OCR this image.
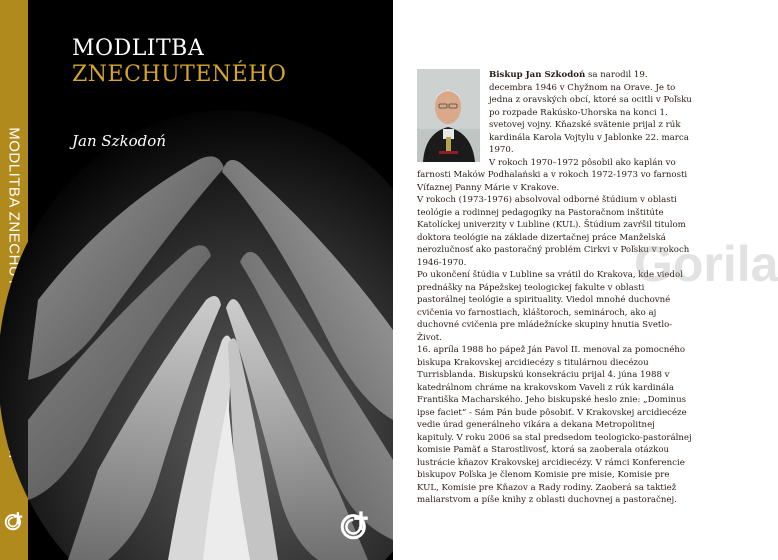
MODLITBA ZNECHUTENÉHO
MODLITBA
ZNECHUTENÉHO
Jan Szkodoń

Biskup Jan Szkodoń sa narodil 19. decembra 1946 v Chyžnom na Orave. Je to jedna z oravských obcí, ktoré sa ocitli v Poľsku po rozpade Rakúsko-Uhorska na konci 1. svetovej vojny. Kňazské svätenie prijal z rúk kardinála Karola Vojtylu v Jablonke 22. marca 1970.

V rokoch 1970–1972 pôsobil ako kaplán vo farnosti Maków Podhalański a v rokoch 1972-1973 vo farnosti Víťaznej Panny Márie v Krakove.

V rokoch (1973-1976) absolvoval odborné štúdium v oblasti teológie a rodinnej pedagogiky na Pastoračnom inštitúte Katolíckej univerzity v Lubline (KUL). Štúdium zavŕšil titulom doktora teológie na základe dizertačnej práce Manželská nerozlučnosť ako pastoračný problém Cirkvi v Poľsku v rokoch 1946-1970.

Po ukončení štúdia v Lubline sa vrátil do Krakova, kde viedol prednášky na Pápežskej teologickej fakulte v oblasti pastorálnej teológie a spirituality. Viedol mnohé duchovné cvičenia vo farnostiach, kláštoroch, seminároch, ako aj duchovné cvičenia pre mládežnícke skupiny hnutia Svetlo- Život.

16. apríla 1988 ho pápež Ján Pavol II. menoval za pomocného biskupa Krakovskej arcidiecézy s titulárnou diecézou Turrisblanda. Biskupskú konsekráciu prijal 4. júna 1988 v katedrálnom chráme na krakovskom Vaveli z rúk kardinála Františka Macharského. Jeho biskupské heslo znie: „Dominus ipse faciet“ - Sám Pán bude pôsobiť. V Krakovskej arcidiecéze vedie úrad generálneho vikára a dekana Metropolitnej kapituly. V roku 2006 sa stal predsedom teologicko-pastorálnej komisie Pamäť a Starostlivosť, ktorá sa zaoberala otázkou lustrácie kňazov Krakovskej arcidiecézy. V rámci Konferencie biskupov Poľska je členom Komisie pre misie, Komisie pre KUL, Komisie pre Kňazov a Rady rodiny. Zaoberá sa taktiež maliarstvom a píše knihy z oblasti duchovnej a pastoračnej.

Gorila
